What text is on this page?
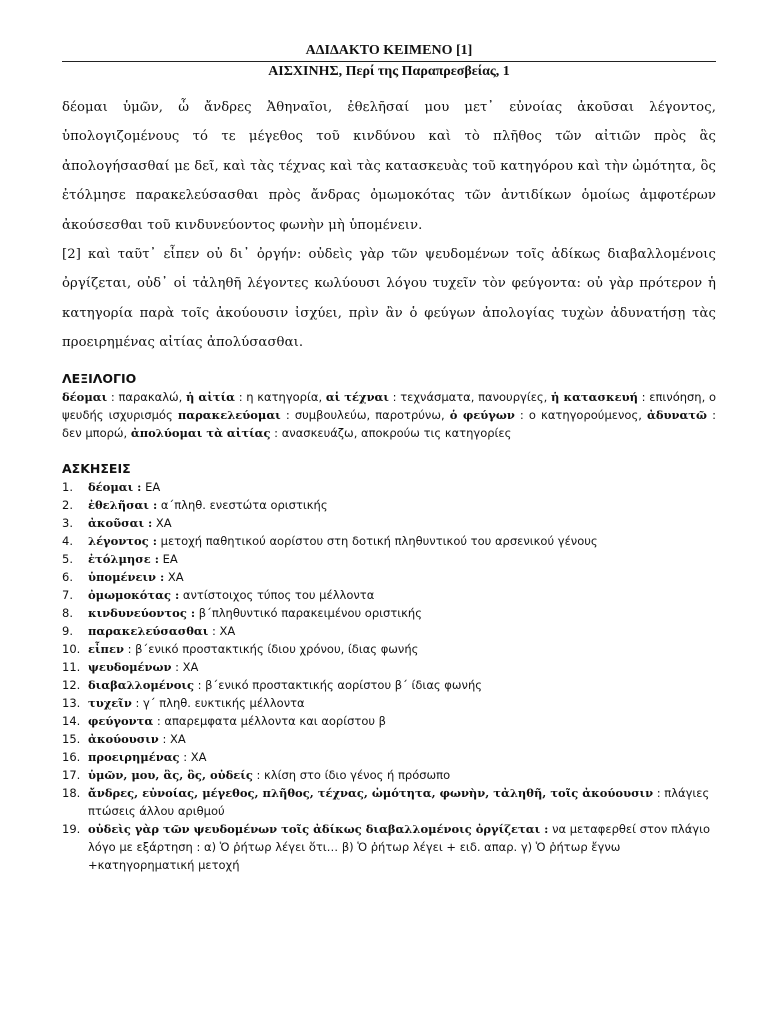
ΑΔΙΔΑΚΤΟ ΚΕΙΜΕΝΟ [1]
ΑΙΣΧΙΝΗΣ, Περί της Παραπρεσβείας, 1

δέομαι ὑμῶν, ὦ ἄνδρες Ἀθηναῖοι, ἐθελῆσαί μου μετ᾽ εὐνοίας ἀκοῦσαι λέγοντος, ὑπολογιζομένους τό τε μέγεθος τοῦ κινδύνου καὶ τὸ πλῆθος τῶν αἰτιῶν πρὸς ἃς ἀπολογήσασθαί με δεῖ, καὶ τὰς τέχνας καὶ τὰς κατασκευὰς τοῦ κατηγόρου καὶ τὴν ὠμότητα, ὃς ἐτόλμησε παρακελεύσασθαι πρὸς ἄνδρας ὀμωμοκότας τῶν ἀντιδίκων ὁμοίως ἀμφοτέρων ἀκούσεσθαι τοῦ κινδυνεύοντος φωνὴν μὴ ὑπομένειν.

[2] καὶ ταῦτ᾽ εἶπεν οὐ δι᾽ ὀργήν: οὐδεὶς γὰρ τῶν ψευδομένων τοῖς ἀδίκως διαβαλλομένοις ὀργίζεται, οὐδ᾽ οἱ τἀληθῆ λέγοντες κωλύουσι λόγου τυχεῖν τὸν φεύγοντα: οὐ γὰρ πρότερον ἡ κατηγορία παρὰ τοῖς ἀκούουσιν ἰσχύει, πρὶν ἂν ὁ φεύγων ἀπολογίας τυχὼν ἀδυνατήσῃ τὰς προειρημένας αἰτίας ἀπολύσασθαι.

ΛΕΞΙΛΟΓΙΟ

δέομαι : παρακαλώ, ἡ αἰτία : η κατηγορία, αἱ τέχναι : τεχνάσματα, πανουργίες, ἡ κατασκευή : επινόηση, ο ψευδής ισχυρισμός παρακελεύομαι : συμβουλεύω, παροτρύνω, ὁ φεύγων : ο κατηγορούμενος, ἀδυνατῶ : δεν μπορώ, ἀπολύομαι τὰ αἰτίας : ανασκευάζω, αποκρούω τις κατηγορίες

ΑΣΚΗΣΕΙΣ
1.	δέομαι : ΕΑ
2.	ἐθελῆσαι : α΄πληθ. ενεστώτα οριστικής
3.	ἀκοῦσαι : ΧΑ
4.	λέγοντος : μετοχή παθητικού αορίστου στη δοτική πληθυντικού του αρσενικού γένους
5.	ἐτόλμησε : ΕΑ
6.	ὑπομένειν : ΧΑ
7.	ὀμωμοκότας : αντίστοιχος τύπος του μέλλοντα
8.	κινδυνεύοντος : β΄πληθυντικό παρακειμένου οριστικής
9.	παρακελεύσασθαι : ΧΑ
10. εἶπεν : β΄ενικό προστακτικής ίδιου χρόνου, ίδιας φωνής
11. ψευδομένων : ΧΑ
12. διαβαλλομένοις : β΄ενικό προστακτικής αορίστου β΄ ίδιας φωνής
13. τυχεῖν : γ΄ πληθ. ευκτικής μέλλοντα
14. φεύγοντα : απαρεμφατα μέλλοντα και αορίστου β
15. ἀκούουσιν : ΧΑ
16. προειρημένας : ΧΑ
17. ὑμῶν, μου, ἃς, ὃς, οὐδείς : κλίση στο ίδιο γένος ή πρόσωπο
18. ἄνδρες, εὐνοίας, μέγεθος, πλῆθος, τέχνας, ὠμότητα, φωνὴν, τἀληθῆ, τοῖς ἀκούουσιν : πλάγιες πτώσεις άλλου αριθμού
19. οὐδεὶς γὰρ τῶν ψευδομένων τοῖς ἀδίκως διαβαλλομένοις ὀργίζεται : να μεταφερθεί στον πλάγιο λόγο με εξάρτηση : α) Ὁ ῥήτωρ λέγει ὅτι… β) Ὁ ῥήτωρ λέγει + ειδ. απαρ. γ) Ὁ ῥήτωρ ἔγνω +κατηγορηματική μετοχή
